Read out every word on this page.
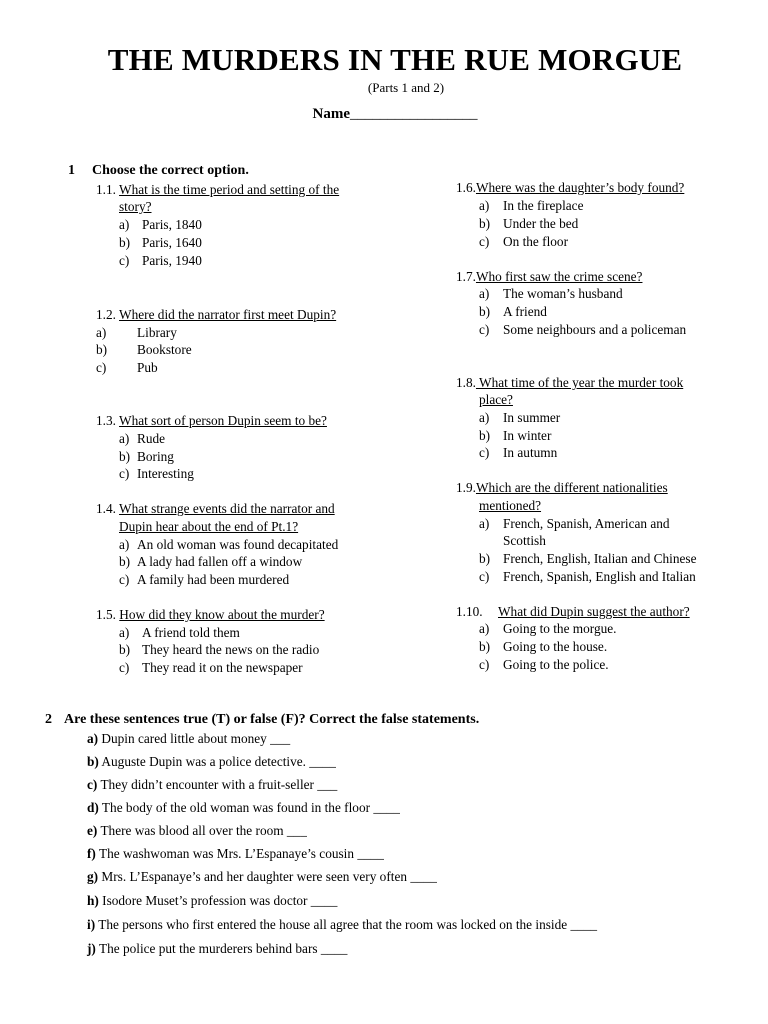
THE MURDERS IN THE RUE MORGUE
(Parts 1 and 2)
Name_________________
1 Choose the correct option.
1.1. What is the time period and setting of the
story?
a) Paris, 1840
b) Paris, 1640
c) Paris, 1940
1.2. Where did the narrator first meet Dupin?
a) Library
b) Bookstore
c) Pub
1.3. What sort of person Dupin seem to be?
a) Rude
b) Boring
c) Interesting
1.4. What strange events did the narrator and
Dupin hear about the end of Pt.1?
a) An old woman was found decapitated
b) A lady had fallen off a window
c) A family had been murdered
1.5. How did they know about the murder?
a) A friend told them
b) They heard the news on the radio
c) They read it on the newspaper
1.6.Where was the daughter’s body found?
a) In the fireplace
b) Under the bed
c) On the floor
1.7.Who first saw the crime scene?
a) The woman’s husband
b) A friend
c) Some neighbours and a policeman
1.8. What time of the year the murder took
place?
a) In summer
b) In winter
c) In autumn
1.9.Which are the different nationalities
mentioned?
a) French, Spanish, American and
Scottish
b) French, English, Italian and Chinese
c) French, Spanish, English and Italian
1.10. What did Dupin suggest the author?
a) Going to the morgue.
b) Going to the house.
c) Going to the police.
2 Are these sentences true (T) or false (F)? Correct the false statements.
a) Dupin cared little about money ___
b) Auguste Dupin was a police detective. ____
c) They didn’t encounter with a fruit-seller ___
d) The body of the old woman was found in the floor ____
e) There was blood all over the room ___
f) The washwoman was Mrs. L’Espanaye’s cousin ____
g) Mrs. L’Espanaye’s and her daughter were seen very often ____
h) Isodore Muset’s profession was doctor ____
i) The persons who first entered the house all agree that the room was locked on the inside ____
j) The police put the murderers behind bars ____
